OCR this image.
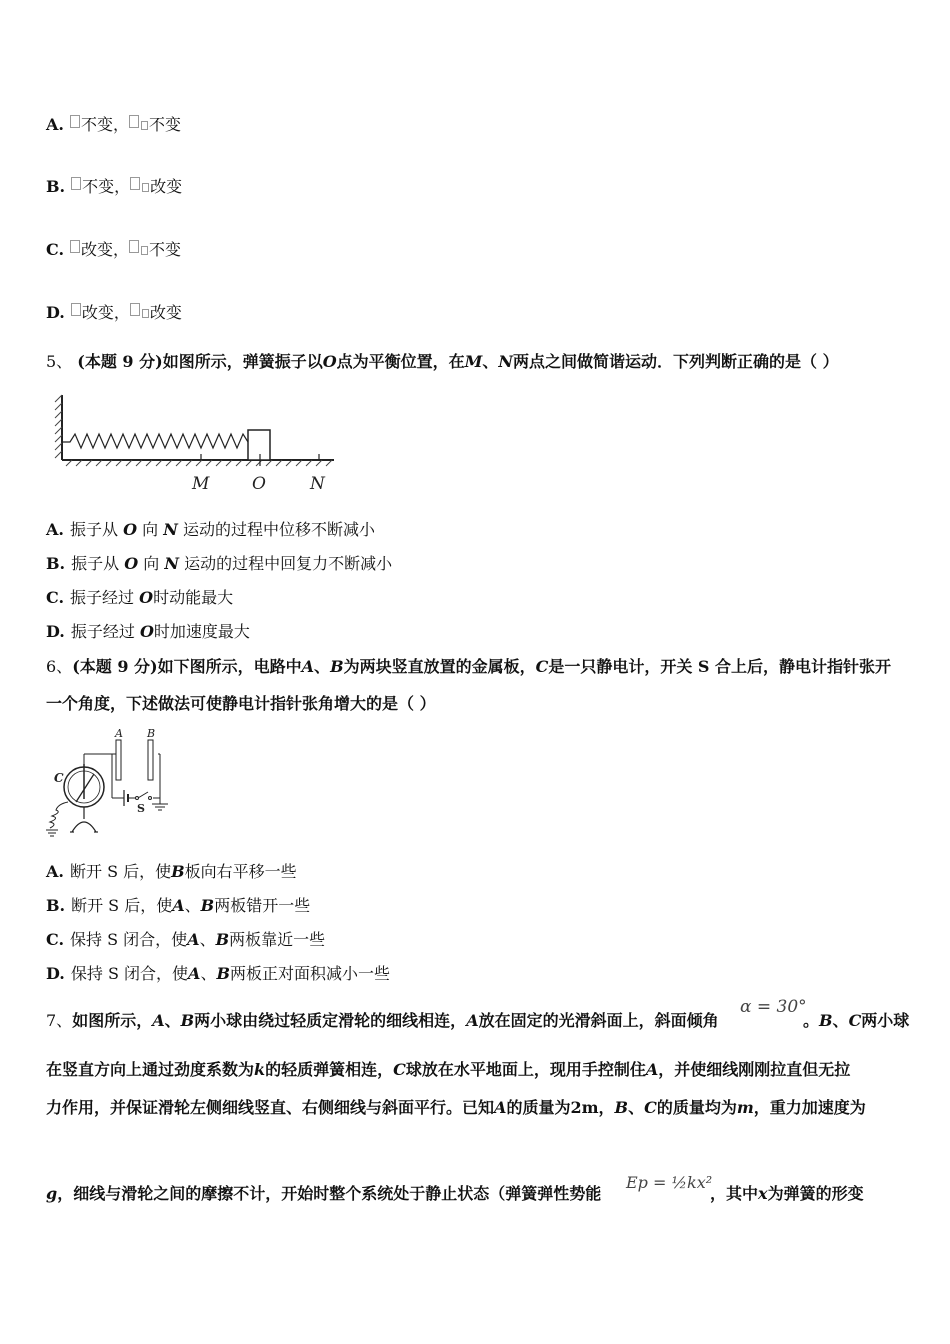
A. 不变， 不变
B. 不变， 改变
C. 改变， 不变
D. 改变， 改变
5、 (本题 9 分)如图所示，弹簧振子以O点为平衡位置，在M、N两点之间做简谐运动．下列判断正确的是（ ）
M	O	N
A. 振子从 O 向 N 运动的过程中位移不断减小
B. 振子从 O 向 N 运动的过程中回复力不断减小
C. 振子经过 O时动能最大
D. 振子经过 O时加速度最大
6、(本题 9 分)如下图所示，电路中A、B为两块竖直放置的金属板，C是一只静电计，开关 S 合上后，静电计指针张开
一个角度，下述做法可使静电计指针张角增大的是（ ）
A B
S
C
A. 断开 S 后，使B板向右平移一些
B. 断开 S 后，使A、B两板错开一些
C. 保持 S 闭合，使A、B两板靠近一些
D. 保持 S 闭合，使A、B两板正对面积减小一些
7、如图所示，A、B两小球由绕过轻质定滑轮的细线相连，A放在固定的光滑斜面上，斜面倾角
α = 30°
。B、C两小球
在竖直方向上通过劲度系数为k的轻质弹簧相连，C球放在水平地面上，现用手控制住A，并使细线刚刚拉直但无拉
力作用，并保证滑轮左侧细线竖直、右侧细线与斜面平行。已知A的质量为2m，B、C的质量均为m，重力加速度为
g，细线与滑轮之间的摩擦不计，开始时整个系统处于静止状态（弹簧弹性势能
Ep = ½kx²
，其中x为弹簧的形变
